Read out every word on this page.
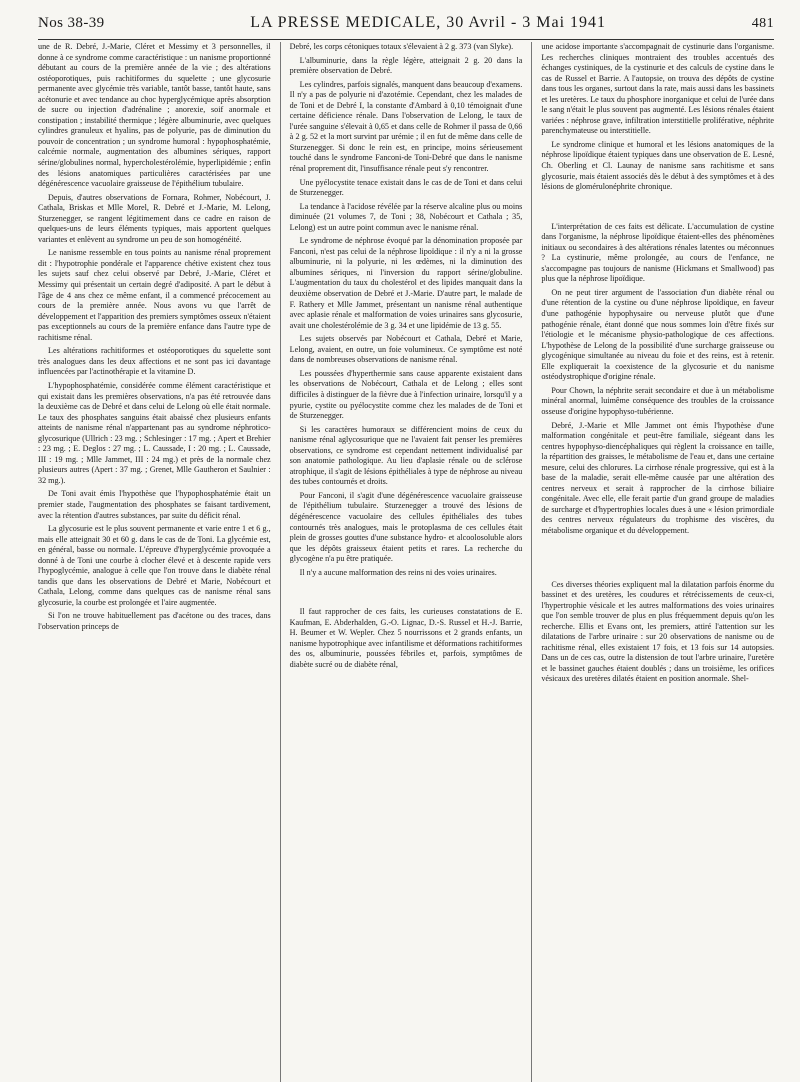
Nos 38-39	LA PRESSE MEDICALE, 30 Avril - 3 Mai 1941	481

une de R. Debré, J.-Marie, Cléret et Messimy et 3 personnelles, il donne à ce syndrome comme caractéristique : un nanisme proportionné débutant au cours de la première année de la vie ; des altérations ostéoporotiques, puis rachitiformes du squelette ; une glycosurie permanente avec glycémie très variable, tantôt basse, tantôt haute, sans acétonurie et avec tendance au choc hyperglycémique après absorption de sucre ou injection d'adrénaline ; anorexie, soif anormale et constipation ; instabilité thermique ; légère albuminurie, avec quelques cylindres granuleux et hyalins, pas de polyurie, pas de diminution du pouvoir de concentration ; un syndrome humoral : hypophosphatémie, calcémie normale, augmentation des albumines sériques, rapport sérine/globulines normal, hypercholestérolémie, hyperlipidémie ; enfin des lésions anatomiques particulières caractérisées par une dégénérescence vacuolaire graisseuse de l'épithélium tubulaire.

Depuis, d'autres observations de Fornara, Rohmer, Nobécourt, J. Cathala, Briskas et Mlle Morel, R. Debré et J.-Marie, M. Lelong, Sturzenegger, se rangent légitimement dans ce cadre en raison de quelques-uns de leurs éléments typiques, mais apportent quelques variantes et enlèvent au syndrome un peu de son homogénéité.

Le nanisme ressemble en tous points au nanisme rénal proprement dit : l'hypotrophie pondérale et l'apparence chétive existent chez tous les sujets sauf chez celui observé par Debré, J.-Marie, Cléret et Messimy qui présentait un certain degré d'adiposité. A part le début à l'âge de 4 ans chez ce même enfant, il a commencé précocement au cours de la première année. Nous avons vu que l'arrêt de développement et l'apparition des premiers symptômes osseux n'étaient pas exceptionnels au cours de la première enfance dans l'autre type de rachitisme rénal.

Les altérations rachitiformes et ostéoporotiques du squelette sont très analogues dans les deux affections et ne sont pas ici davantage influencées par l'actinothérapie et la vitamine D.

L'hypophosphatémie, considérée comme élément caractéristique et qui existait dans les premières observations, n'a pas été retrouvée dans la deuxième cas de Debré et dans celui de Lelong où elle était normale. Le taux des phosphates sanguins était abaissé chez plusieurs enfants atteints de nanisme rénal n'appartenant pas au syndrome néphrotico-glycosurique (Ullrich : 23 mg. ; Schlesinger : 17 mg. ; Apert et Brehier : 23 mg. ; E. Deglos : 27 mg. ; L. Caussade, I : 20 mg. ; L. Caussade, III : 19 mg. ; Mlle Jammet, III : 24 mg.) et près de la normale chez plusieurs autres (Apert : 37 mg. ; Grenet, Mlle Gautheron et Saulnier : 32 mg.).

De Toni avait émis l'hypothèse que l'hypophosphatémie était un premier stade, l'augmentation des phosphates se faisant tardivement, avec la rétention d'autres substances, par suite du déficit rénal.

La glycosurie est le plus souvent permanente et varie entre 1 et 6 g., mais elle atteignait 30 et 60 g. dans le cas de de Toni. La glycémie est, en général, basse ou normale. L'épreuve d'hyperglycémie provoquée a donné à de Toni une courbe à clocher élevé et à descente rapide vers l'hypoglycémie, analogue à celle que l'on trouve dans le diabète rénal tandis que dans les observations de Debré et Marie, Nobécourt et Cathala, Lelong, comme dans quelques cas de nanisme rénal sans glycosurie, la courbe est prolongée et l'aire augmentée.

Si l'on ne trouve habituellement pas d'acétone ou des traces, dans l'observation princeps de

Debré, les corps cétoniques totaux s'élevaient à 2 g. 373 (van Slyke).

L'albuminurie, dans la règle légère, atteignait 2 g. 20 dans la première observation de Debré.

Les cylindres, parfois signalés, manquent dans beaucoup d'examens. Il n'y a pas de polyurie ni d'azotémie. Cependant, chez les malades de de Toni et de Debré I, la constante d'Ambard à 0,10 témoignait d'une certaine déficience rénale. Dans l'observation de Lelong, le taux de l'urée sanguine s'élevait à 0,65 et dans celle de Rohmer il passa de 0,66 à 2 g. 52 et la mort survint par urémie ; il en fut de même dans celle de Sturzenegger. Si donc le rein est, en principe, moins sérieusement touché dans le syndrome Fanconi-de Toni-Debré que dans le nanisme rénal proprement dit, l'insuffisance rénale peut s'y rencontrer.

Une pyélocystite tenace existait dans le cas de de Toni et dans celui de Sturzenegger.

La tendance à l'acidose révélée par la réserve alcaline plus ou moins diminuée (21 volumes 7, de Toni ; 38, Nobécourt et Cathala ; 35, Lelong) est un autre point commun avec le nanisme rénal.

Le syndrome de néphrose évoqué par la dénomination proposée par Fanconi, n'est pas celui de la néphrose lipoïdique : il n'y a ni la grosse albuminurie, ni la polyurie, ni les œdèmes, ni la diminution des albumines sériques, ni l'inversion du rapport sérine/globuline. L'augmentation du taux du cholestérol et des lipides manquait dans la deuxième observation de Debré et J.-Marie. D'autre part, le malade de F. Rathery et Mlle Jammet, présentant un nanisme rénal authentique avec aplasie rénale et malformation de voies urinaires sans glycosurie, avait une cholestérolémie de 3 g. 34 et une lipidémie de 13 g. 55.

Les sujets observés par Nobécourt et Cathala, Debré et Marie, Lelong, avaient, en outre, un foie volumineux. Ce symptôme est noté dans de nombreuses observations de nanisme rénal.

Les poussées d'hyperthermie sans cause apparente existaient dans les observations de Nobécourt, Cathala et de Lelong ; elles sont difficiles à distinguer de la fièvre due à l'infection urinaire, lorsqu'il y a pyurie, cystite ou pyélocystite comme chez les malades de de Toni et de Sturzenegger.

Si les caractères humoraux se différencient moins de ceux du nanisme rénal aglycosurique que ne l'avaient fait penser les premières observations, ce syndrome est cependant nettement individualisé par son anatomie pathologique. Au lieu d'aplasie rénale ou de sclérose atrophique, il s'agit de lésions épithéliales à type de néphrose au niveau des tubes contournés et droits.

Pour Fanconi, il s'agit d'une dégénérescence vacuolaire graisseuse de l'épithélium tubulaire. Sturzenegger a trouvé des lésions de dégénérescence vacuolaire des cellules épithéliales des tubes contournés très analogues, mais le protoplasma de ces cellules était plein de grosses gouttes d'une substance hydro- et alcoolosoluble alors que les dépôts graisseux étaient petits et rares. La recherche du glycogène n'a pu être pratiquée.

Il n'y a aucune malformation des reins ni des voies urinaires.

Il faut rapprocher de ces faits, les curieuses constatations de E. Kaufman, E. Abderhalden, G.-O. Lignac, D.-S. Russel et H.-J. Barrie, H. Beumer et W. Wepler. Chez 5 nourrissons et 2 grands enfants, un nanisme hypotrophique avec infantilisme et déformations rachitiformes des os, albuminurie, poussées fébriles et, parfois, symptômes de diabète sucré ou de diabète rénal,

une acidose importante s'accompagnait de cystinurie dans l'organisme. Les recherches cliniques montraient des troubles accentués des échanges cystiniques, de la cystinurie et des calculs de cystine dans le cas de Russel et Barrie. A l'autopsie, on trouva des dépôts de cystine dans tous les organes, surtout dans la rate, mais aussi dans les bassinets et les uretères. Le taux du phosphore inorganique et celui de l'urée dans le sang n'était le plus souvent pas augmenté. Les lésions rénales étaient variées : néphrose grave, infiltration interstitielle proliférative, néphrite parenchymateuse ou interstitielle.

Le syndrome clinique et humoral et les lésions anatomiques de la néphrose lipoïdique étaient typiques dans une observation de E. Lesné, Ch. Oberling et Cl. Launay de nanisme sans rachitisme et sans glycosurie, mais étaient associés dès le début à des symptômes et à des lésions de glomérulonéphrite chronique.

L'interprétation de ces faits est délicate. L'accumulation de cystine dans l'organisme, la néphrose lipoïdique étaient-elles des phénomènes initiaux ou secondaires à des altérations rénales latentes ou méconnues ? La cystinurie, même prolongée, au cours de l'enfance, ne s'accompagne pas toujours de nanisme (Hickmans et Smallwood) pas plus que la néphrose lipoïdique.

On ne peut tirer argument de l'association d'un diabète rénal ou d'une rétention de la cystine ou d'une néphrose lipoïdique, en faveur d'une pathogénie hypophysaire ou nerveuse plutôt que d'une pathogénie rénale, étant donné que nous sommes loin d'être fixés sur l'étiologie et le mécanisme physio-pathologique de ces affections. L'hypothèse de Lelong de la possibilité d'une surcharge graisseuse ou glycogénique simultanée au niveau du foie et des reins, est à retenir. Elle expliquerait la coexistence de la glycosurie et du nanisme ostéodystrophique d'origine rénale.

Pour Chown, la néphrite serait secondaire et due à un métabolisme minéral anormal, luimême conséquence des troubles de la croissance osseuse d'origine hypophyso-tubérienne.

Debré, J.-Marie et Mlle Jammet ont émis l'hypothèse d'une malformation congénitale et peut-être familiale, siégeant dans les centres hypophyso-diencéphaliques qui règlent la croissance en taille, la répartition des graisses, le métabolisme de l'eau et, dans une certaine mesure, celui des chlorures. La cirrhose rénale progressive, qui est à la base de la maladie, serait elle-même causée par une altération des centres nerveux et serait à rapprocher de la cirrhose biliaire congénitale. Avec elle, elle ferait partie d'un grand groupe de maladies de surcharge et d'hypertrophies locales dues à une « lésion primordiale des centres nerveux régulateurs du trophisme des viscères, du métabolisme organique et du développement.

Ces diverses théories expliquent mal la dilatation parfois énorme du bassinet et des uretères, les coudures et rétrécissements de ceux-ci, l'hypertrophie vésicale et les autres malformations des voies urinaires que l'on semble trouver de plus en plus fréquemment depuis qu'on les recherche. Ellis et Evans ont, les premiers, attiré l'attention sur les dilatations de l'arbre urinaire : sur 20 observations de nanisme ou de rachitisme rénal, elles existaient 17 fois, et 13 fois sur 14 autopsies. Dans un de ces cas, outre la distension de tout l'arbre urinaire, l'uretère et le bassinet gauches étaient doublés ; dans un troisième, les orifices vésicaux des uretères dilatés étaient en position anormale. Shel-
